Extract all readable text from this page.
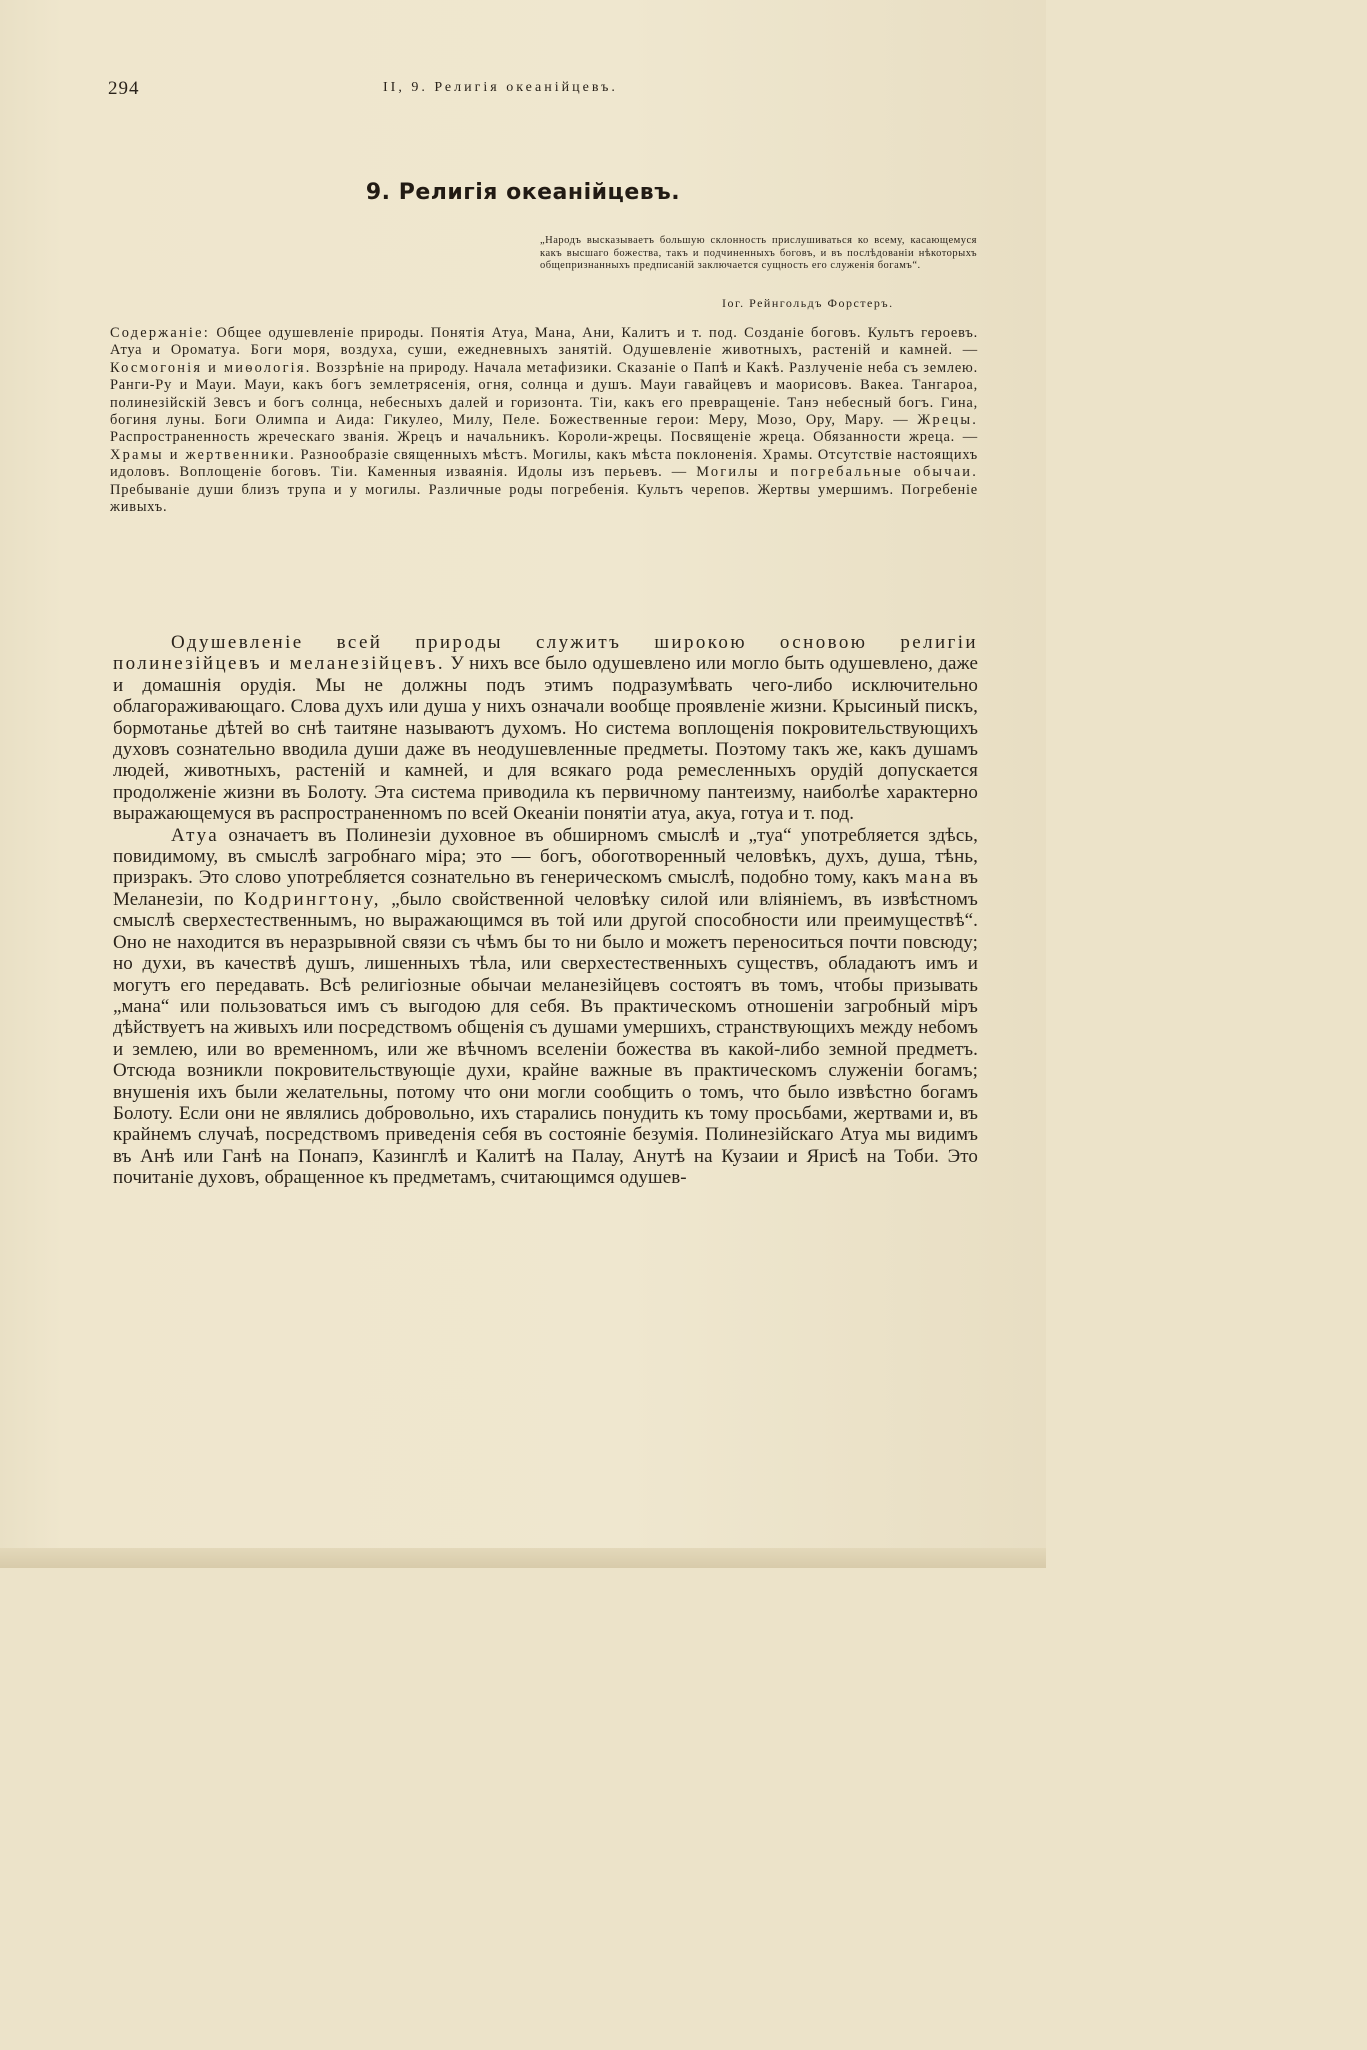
294	II, 9. Религія океанійцевъ.
9. Религія океанійцевъ.
„Народъ высказываетъ большую склонность прислушиваться ко всему, касающемуся какъ высшаго божества, такъ и подчиненныхъ боговъ, и въ послѣдованіи нѣкоторыхъ общепризнанныхъ предписаній заключается сущность его служенія богамъ“.
Іог. Рейнгольдъ Форстеръ.
Содержаніе: Общее одушевленіе природы. Понятія Атуа, Мана, Ани, Калитъ и т. под. Созданіе боговъ. Культъ героевъ. Атуа и Ороматуа. Боги моря, воздуха, суши, ежедневныхъ занятій. Одушевленіе животныхъ, растеній и камней. — Космогонія и миѳологія. Воззрѣніе на природу. Начала метафизики. Сказаніе о Папѣ и Какѣ. Разлученіе неба съ землею. Ранги-Ру и Мауи. Мауи, какъ богъ землетрясенія, огня, солнца и душъ. Мауи гавайцевъ и маорисовъ. Вакеа. Тангароа, полинезійскій Зевсъ и богъ солнца, небесныхъ далей и горизонта. Тіи, какъ его превращеніе. Танэ небесный богъ. Гина, богиня луны. Боги Олимпа и Аида: Гикулео, Милу, Пеле. Божественные герои: Меру, Мозо, Ору, Мару. — Жрецы. Распространенность жреческаго званія. Жрецъ и начальникъ. Короли-жрецы. Посвященіе жреца. Обязанности жреца. — Храмы и жертвенники. Разнообразіе священныхъ мѣстъ. Могилы, какъ мѣста поклоненія. Храмы. Отсутствіе настоящихъ идоловъ. Воплощеніе боговъ. Тіи. Каменныя изваянія. Идолы изъ перьевъ. — Могилы и погребальные обычаи. Пребываніе души близъ трупа и у могилы. Различные роды погребенія. Культъ черепов. Жертвы умершимъ. Погребеніе живыхъ.

Одушевленіе всей природы служитъ широкою основою религіи полинезійцевъ и меланезійцевъ. У нихъ все было одушевлено или могло быть одушевлено, даже и домашнія орудія. Мы не должны подъ этимъ подразумѣвать чего-либо исключительно облагораживающаго. Слова духъ или душа у нихъ означали вообще проявленіе жизни. Крысиный пискъ, бормотанье дѣтей во снѣ таитяне называютъ духомъ. Но система воплощенія покровительствующихъ духовъ сознательно вводила души даже въ неодушевленные предметы. Поэтому такъ же, какъ душамъ людей, животныхъ, растеній и камней, и для всякаго рода ремесленныхъ орудій допускается продолженіе жизни въ Болоту. Эта система приводила къ первичному пантеизму, наиболѣе характерно выражающемуся въ распространенномъ по всей Океаніи понятіи атуа, акуа, готуа и т. под.

Атуа означаетъ въ Полинезіи духовное въ обширномъ смыслѣ и „туа“ употребляется здѣсь, повидимому, въ смыслѣ загробнаго міра; это — богъ, обоготворенный человѣкъ, духъ, душа, тѣнь, призракъ. Это слово употребляется сознательно въ генерическомъ смыслѣ, подобно тому, какъ мана въ Меланезіи, по Кодрингтону, „было свойственной человѣку силой или вліяніемъ, въ извѣстномъ смыслѣ сверхестественнымъ, но выражающимся въ той или другой способности или преимуществѣ“. Оно не находится въ неразрывной связи съ чѣмъ бы то ни было и можетъ переноситься почти повсюду; но духи, въ качествѣ душъ, лишенныхъ тѣла, или сверхестественныхъ существъ, обладаютъ имъ и могутъ его передавать. Всѣ религіозные обычаи меланезійцевъ состоятъ въ томъ, чтобы призывать „мана“ или пользоваться имъ съ выгодою для себя. Въ практическомъ отношеніи загробный міръ дѣйствуетъ на живыхъ или посредствомъ общенія съ душами умершихъ, странствующихъ между небомъ и землею, или во временномъ, или же вѣчномъ вселеніи божества въ какой-либо земной предметъ. Отсюда возникли покровительствующіе духи, крайне важные въ практическомъ служеніи богамъ; внушенія ихъ были желательны, потому что они могли сообщить о томъ, что было извѣстно богамъ Болоту. Если они не являлись добровольно, ихъ старались понудить къ тому просьбами, жертвами и, въ крайнемъ случаѣ, посредствомъ приведенія себя въ состояніе безумія. Полинезійскаго Атуа мы видимъ въ Анѣ или Ганѣ на Понапэ, Казинглѣ и Калитѣ на Палау, Анутѣ на Кузаии и Ярисѣ на Тоби. Это почитаніе духовъ, обращенное къ предметамъ, считающимся одушев-
